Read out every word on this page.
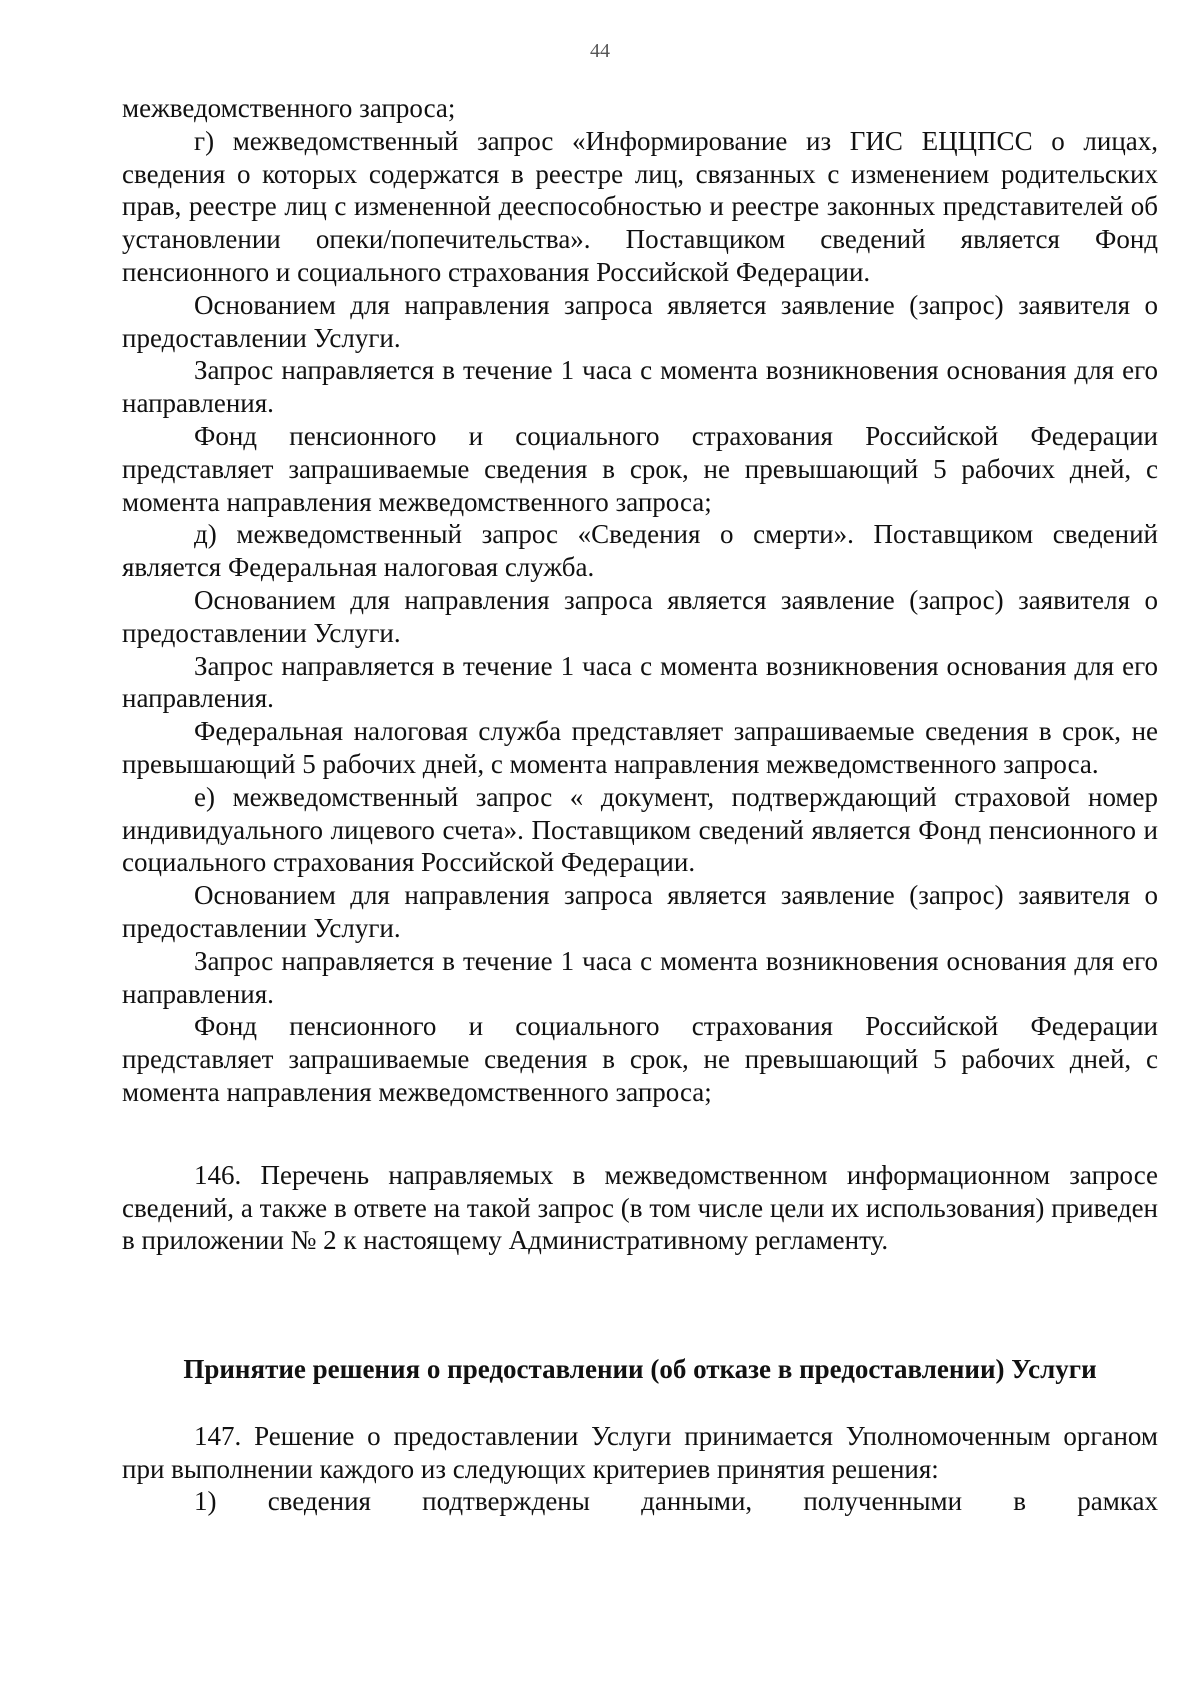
44

межведомственного запроса;

г) межведомственный запрос «Информирование из ГИС ЕЦЦПСС о лицах, сведения о которых содержатся в реестре лиц, связанных с изменением родительских прав, реестре лиц с измененной дееспособностью и реестре законных представителей об установлении опеки/попечительства». Поставщиком сведений является Фонд пенсионного и социального страхования Российской Федерации.

Основанием для направления запроса является заявление (запрос) заявителя о предоставлении Услуги.

Запрос направляется в течение 1 часа с момента возникновения основания для его направления.

Фонд пенсионного и социального страхования Российской Федерации представляет запрашиваемые сведения в срок, не превышающий 5 рабочих дней, с момента направления межведомственного запроса;

д) межведомственный запрос «Сведения о смерти». Поставщиком сведений является Федеральная налоговая служба.

Основанием для направления запроса является заявление (запрос) заявителя о предоставлении Услуги.

Запрос направляется в течение 1 часа с момента возникновения основания для его направления.

Федеральная налоговая служба представляет запрашиваемые сведения в срок, не превышающий 5 рабочих дней, с момента направления межведомственного запроса.

е) межведомственный запрос « документ, подтверждающий страховой номер индивидуального лицевого счета». Поставщиком сведений является Фонд пенсионного и социального страхования Российской Федерации.

Основанием для направления запроса является заявление (запрос) заявителя о предоставлении Услуги.

Запрос направляется в течение 1 часа с момента возникновения основания для его направления.

Фонд пенсионного и социального страхования Российской Федерации представляет запрашиваемые сведения в срок, не превышающий 5 рабочих дней, с момента направления межведомственного запроса;

146. Перечень направляемых в межведомственном информационном запросе сведений, а также в ответе на такой запрос (в том числе цели их использования) приведен в приложении № 2 к настоящему Административному регламенту.

Принятие решения о предоставлении (об отказе в предоставлении) Услуги

147. Решение о предоставлении Услуги принимается Уполномоченным органом при выполнении каждого из следующих критериев принятия решения:

1) сведения подтверждены данными, полученными в рамках
